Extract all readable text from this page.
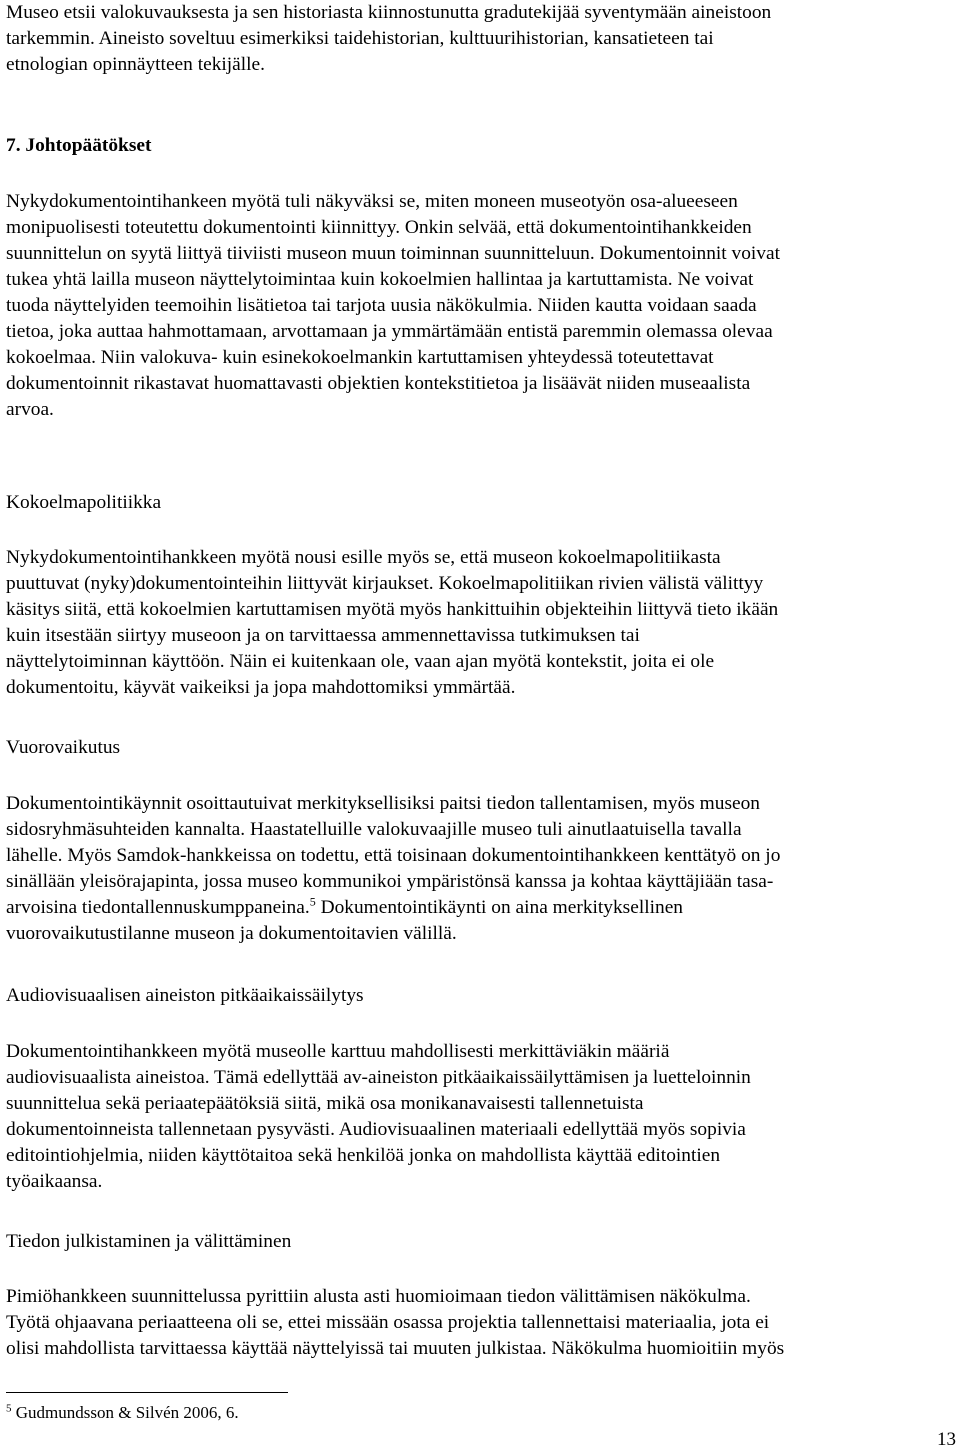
Museo etsii valokuvauksesta ja sen historiasta kiinnostunutta gradutekijää syventymään aineistoon

tarkemmin. Aineisto soveltuu esimerkiksi taidehistorian, kulttuurihistorian, kansatieteen tai

etnologian opinnäytteen tekijälle.

7. Johtopäätökset

Nykydokumentointihankeen myötä tuli näkyväksi se, miten moneen museotyön osa-alueeseen

monipuolisesti toteutettu dokumentointi kiinnittyy. Onkin selvää, että dokumentointihankkeiden

suunnittelun on syytä liittyä tiiviisti museon muun toiminnan suunnitteluun. Dokumentoinnit voivat

tukea yhtä lailla museon näyttelytoimintaa kuin kokoelmien hallintaa ja kartuttamista. Ne voivat

tuoda näyttelyiden teemoihin lisätietoa tai tarjota uusia näkökulmia. Niiden kautta voidaan saada

tietoa, joka auttaa hahmottamaan, arvottamaan ja ymmärtämään entistä paremmin olemassa olevaa

kokoelmaa. Niin valokuva- kuin esinekokoelmankin kartuttamisen yhteydessä toteutettavat

dokumentoinnit rikastavat huomattavasti objektien kontekstitietoa ja lisäävät niiden museaalista

arvoa.

Kokoelmapolitiikka

Nykydokumentointihankkeen myötä nousi esille myös se, että museon kokoelmapolitiikasta

puuttuvat (nyky)dokumentointeihin liittyvät kirjaukset. Kokoelmapolitiikan rivien välistä välittyy

käsitys siitä, että kokoelmien kartuttamisen myötä myös hankittuihin objekteihin liittyvä tieto ikään

kuin itsestään siirtyy museoon ja on tarvittaessa ammennettavissa tutkimuksen tai

näyttelytoiminnan käyttöön. Näin ei kuitenkaan ole, vaan ajan myötä kontekstit, joita ei ole

dokumentoitu, käyvät vaikeiksi ja jopa mahdottomiksi ymmärtää.

Vuorovaikutus

Dokumentointikäynnit osoittautuivat merkityksellisiksi paitsi tiedon tallentamisen, myös museon

sidosryhmäsuhteiden kannalta. Haastatelluille valokuvaajille museo tuli ainutlaatuisella tavalla

lähelle. Myös Samdok-hankkeissa on todettu, että toisinaan dokumentointihankkeen kenttätyö on jo

sinällään yleisörajapinta, jossa museo kommunikoi ympäristönsä kanssa ja kohtaa käyttäjiään tasa-

arvoisina tiedontallennuskumppaneina.$^5$ Dokumentointikäynti on aina merkityksellinen

vuorovaikutustilanne museon ja dokumentoitavien välillä.

Audiovisuaalisen aineiston pitkäaikaissäilytys

Dokumentointihankkeen myötä museolle karttuu mahdollisesti merkittäviäkin määriä

audiovisuaalista aineistoa. Tämä edellyttää av-aineiston pitkäaikaissäilyttämisen ja luetteloinnin

suunnittelua sekä periaatepäätöksiä siitä, mikä osa monikanavaisesti tallennetuista

dokumentoinneista tallennetaan pysyvästi. Audiovisuaalinen materiaali edellyttää myös sopivia

editointiohjelmia, niiden käyttötaitoa sekä henkilöä jonka on mahdollista käyttää editointien

työaikaansa.

Tiedon julkistaminen ja välittäminen

Pimiöhankkeen suunnittelussa pyrittiin alusta asti huomioimaan tiedon välittämisen näkökulma.

Työtä ohjaavana periaatteena oli se, ettei missään osassa projektia tallennettaisi materiaalia, jota ei

olisi mahdollista tarvittaessa käyttää näyttelyissä tai muuten julkistaa. Näkökulma huomioitiin myös

$^5$ Gudmundsson & Silvén 2006, 6.
13
